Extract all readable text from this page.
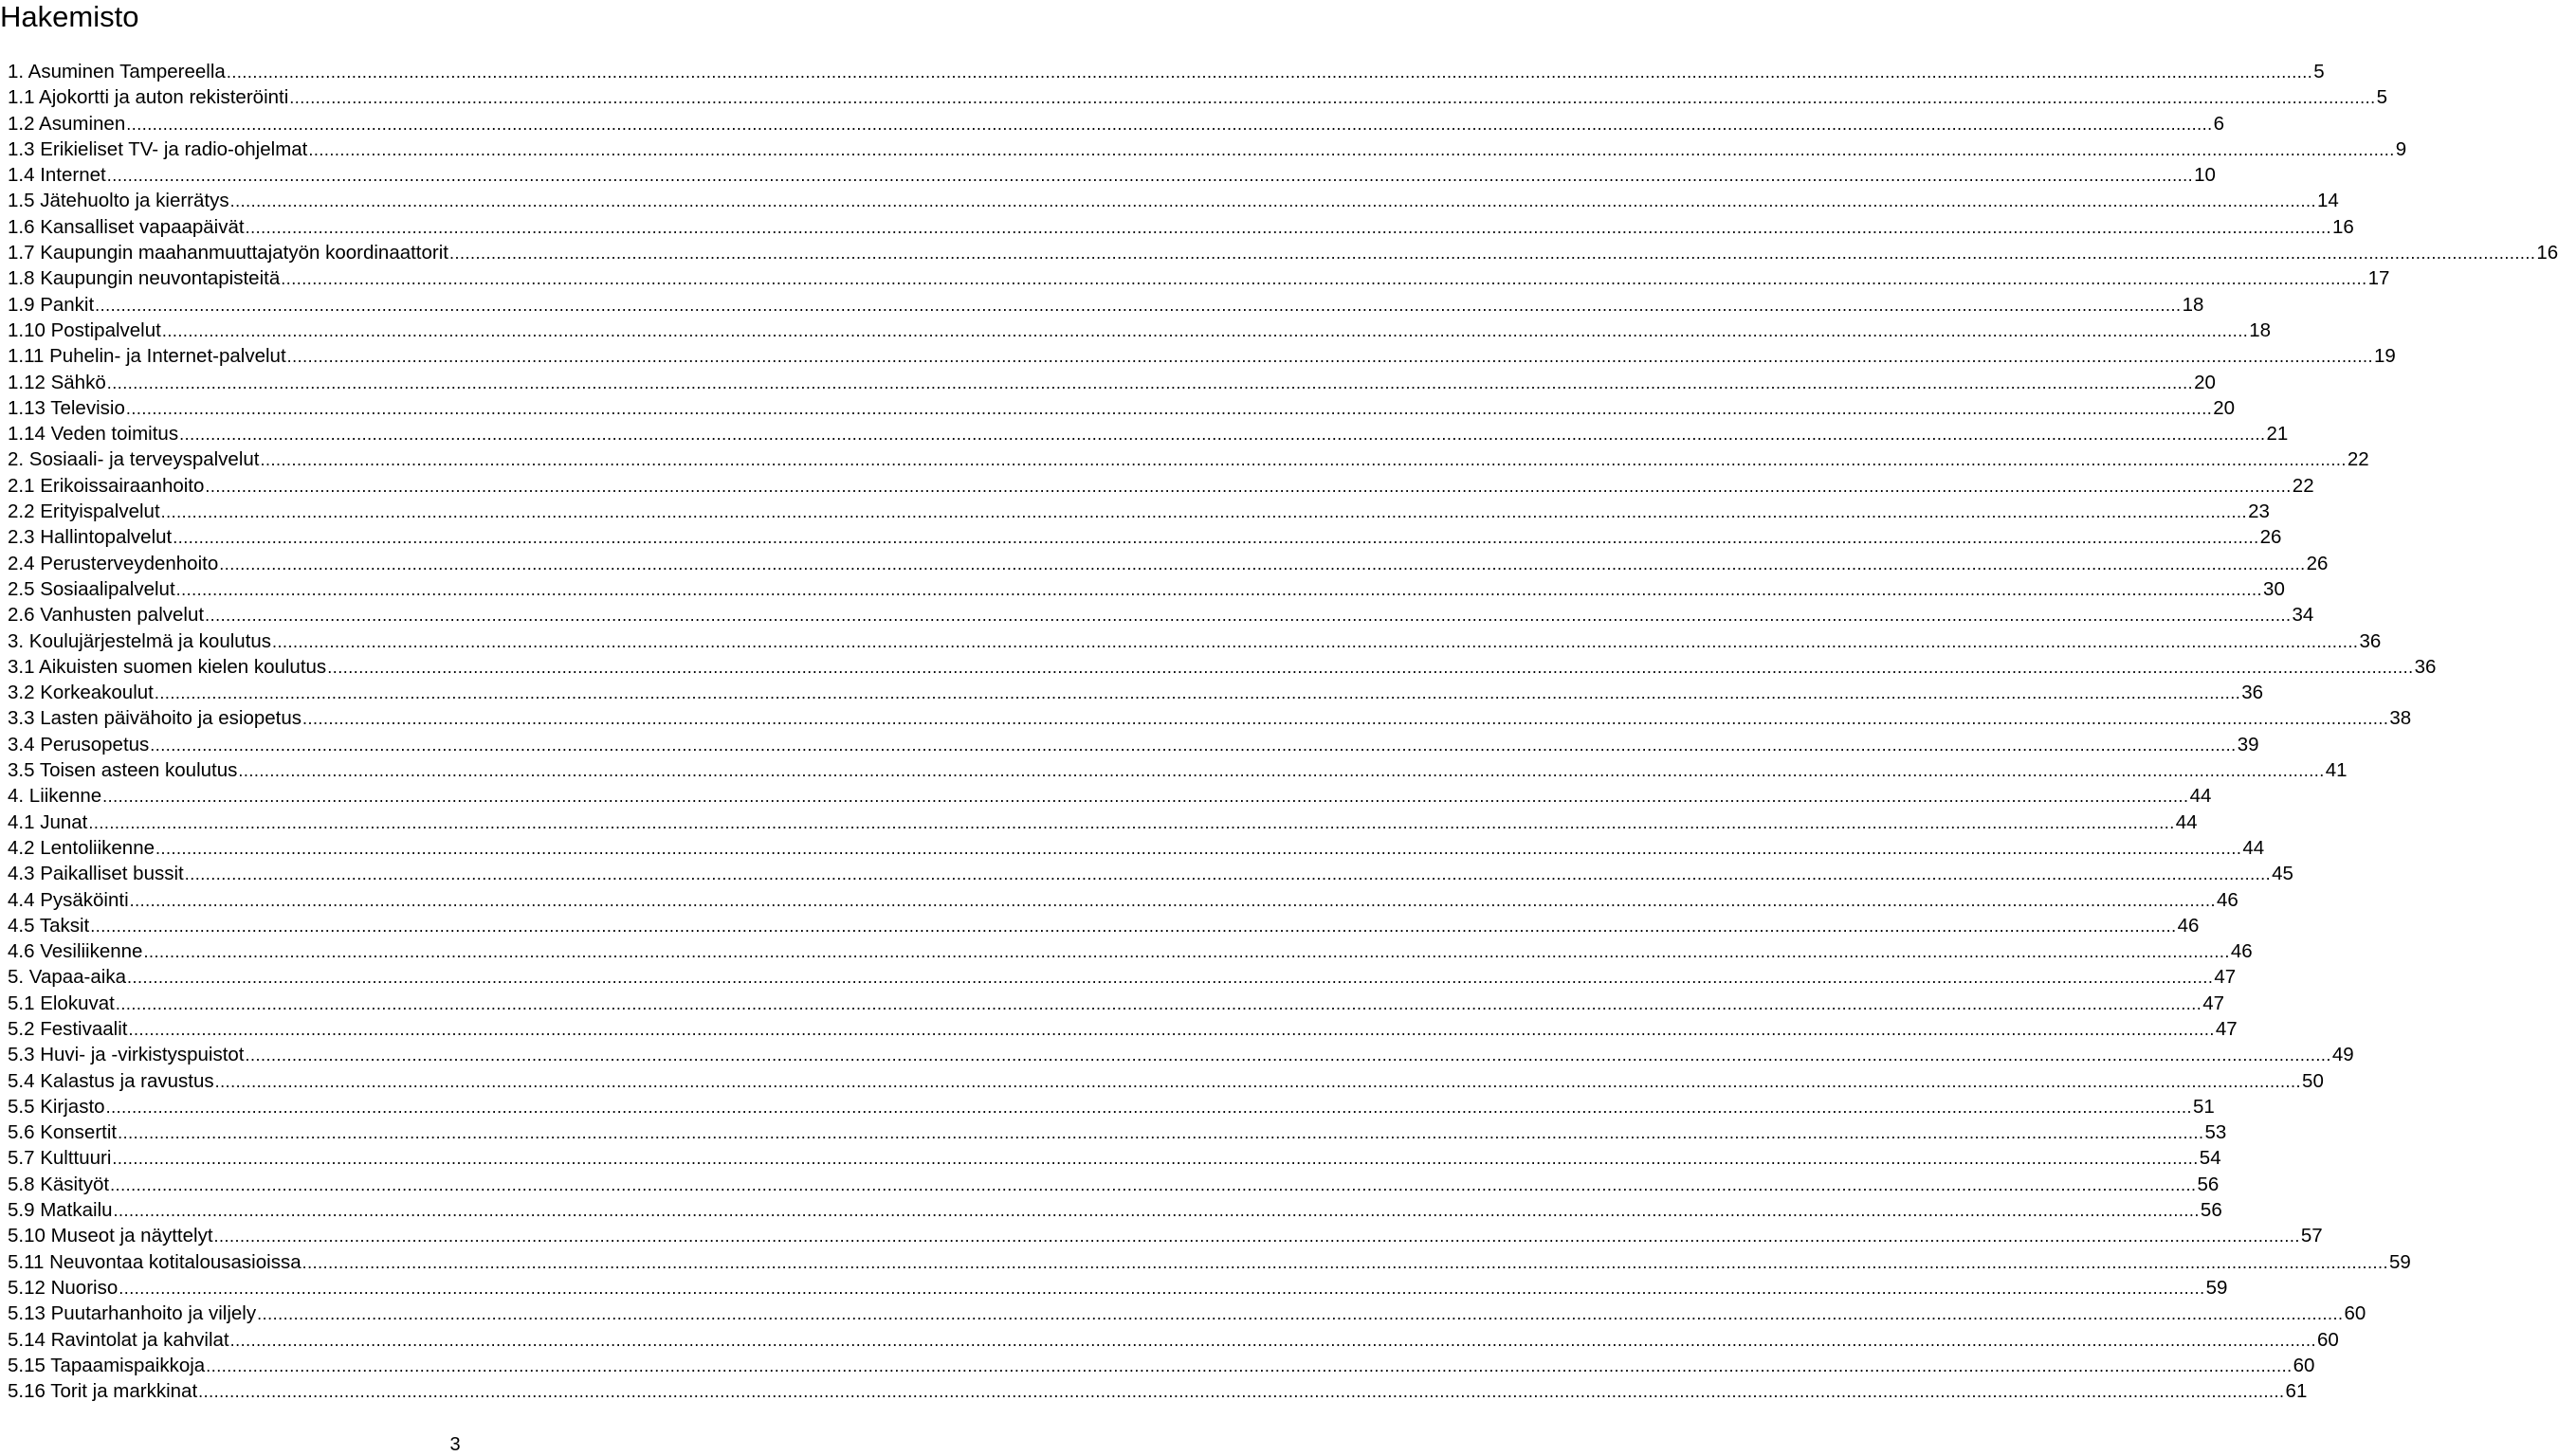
Hakemisto
1. Asuminen Tampereella ................................................................................................................................................................................................................................................................................................................................................................................................................ 5
1.1 Ajokortti ja auton rekisteröinti ................................................................................................................................................................................................................................................................................................................................................................................................................ 5
1.2 Asuminen ................................................................................................................................................................................................................................................................................................................................................................................................................ 6
1.3 Erikieliset TV- ja radio-ohjelmat ................................................................................................................................................................................................................................................................................................................................................................................................................ 9
1.4 Internet ................................................................................................................................................................................................................................................................................................................................................................................................................ 10
1.5 Jätehuolto ja kierrätys ................................................................................................................................................................................................................................................................................................................................................................................................................ 14
1.6 Kansalliset vapaapäivät ................................................................................................................................................................................................................................................................................................................................................................................................................ 16
1.7 Kaupungin maahanmuuttajatyön koordinaattorit ................................................................................................................................................................................................................................................................................................................................................................................................................ 16
1.8 Kaupungin neuvontapisteitä ................................................................................................................................................................................................................................................................................................................................................................................................................ 17
1.9 Pankit ................................................................................................................................................................................................................................................................................................................................................................................................................ 18
1.10 Postipalvelut ................................................................................................................................................................................................................................................................................................................................................................................................................ 18
1.11 Puhelin- ja Internet-palvelut ................................................................................................................................................................................................................................................................................................................................................................................................................ 19
1.12 Sähkö ................................................................................................................................................................................................................................................................................................................................................................................................................ 20
1.13 Televisio ................................................................................................................................................................................................................................................................................................................................................................................................................ 20
1.14 Veden toimitus ................................................................................................................................................................................................................................................................................................................................................................................................................ 21
2. Sosiaali- ja terveyspalvelut ................................................................................................................................................................................................................................................................................................................................................................................................................ 22
2.1 Erikoissairaanhoito ................................................................................................................................................................................................................................................................................................................................................................................................................ 22
2.2 Erityispalvelut ................................................................................................................................................................................................................................................................................................................................................................................................................ 23
2.3 Hallintopalvelut ................................................................................................................................................................................................................................................................................................................................................................................................................ 26
2.4 Perusterveydenhoito ................................................................................................................................................................................................................................................................................................................................................................................................................ 26
2.5 Sosiaalipalvelut ................................................................................................................................................................................................................................................................................................................................................................................................................ 30
2.6 Vanhusten palvelut ................................................................................................................................................................................................................................................................................................................................................................................................................ 34
3. Koulujärjestelmä ja koulutus ................................................................................................................................................................................................................................................................................................................................................................................................................ 36
3.1 Aikuisten suomen kielen koulutus ................................................................................................................................................................................................................................................................................................................................................................................................................ 36
3.2 Korkeakoulut ................................................................................................................................................................................................................................................................................................................................................................................................................ 36
3.3 Lasten päivähoito ja esiopetus ................................................................................................................................................................................................................................................................................................................................................................................................................ 38
3.4 Perusopetus ................................................................................................................................................................................................................................................................................................................................................................................................................ 39
3.5 Toisen asteen koulutus ................................................................................................................................................................................................................................................................................................................................................................................................................ 41
4. Liikenne ................................................................................................................................................................................................................................................................................................................................................................................................................ 44
4.1 Junat ................................................................................................................................................................................................................................................................................................................................................................................................................ 44
4.2 Lentoliikenne ................................................................................................................................................................................................................................................................................................................................................................................................................ 44
4.3 Paikalliset bussit ................................................................................................................................................................................................................................................................................................................................................................................................................ 45
4.4 Pysäköinti ................................................................................................................................................................................................................................................................................................................................................................................................................ 46
4.5 Taksit ................................................................................................................................................................................................................................................................................................................................................................................................................ 46
4.6 Vesiliikenne ................................................................................................................................................................................................................................................................................................................................................................................................................ 46
5. Vapaa-aika ................................................................................................................................................................................................................................................................................................................................................................................................................ 47
5.1 Elokuvat ................................................................................................................................................................................................................................................................................................................................................................................................................ 47
5.2 Festivaalit ................................................................................................................................................................................................................................................................................................................................................................................................................ 47
5.3 Huvi- ja -virkistyspuistot ................................................................................................................................................................................................................................................................................................................................................................................................................ 49
5.4 Kalastus ja ravustus ................................................................................................................................................................................................................................................................................................................................................................................................................ 50
5.5 Kirjasto ................................................................................................................................................................................................................................................................................................................................................................................................................ 51
5.6 Konsertit ................................................................................................................................................................................................................................................................................................................................................................................................................ 53
5.7 Kulttuuri ................................................................................................................................................................................................................................................................................................................................................................................................................ 54
5.8 Käsityöt ................................................................................................................................................................................................................................................................................................................................................................................................................ 56
5.9 Matkailu ................................................................................................................................................................................................................................................................................................................................................................................................................ 56
5.10 Museot ja näyttelyt ................................................................................................................................................................................................................................................................................................................................................................................................................ 57
5.11 Neuvontaa kotitalousasioissa ................................................................................................................................................................................................................................................................................................................................................................................................................ 59
5.12 Nuoriso ................................................................................................................................................................................................................................................................................................................................................................................................................ 59
5.13 Puutarhanhoito ja viljely ................................................................................................................................................................................................................................................................................................................................................................................................................ 60
5.14 Ravintolat ja kahvilat ................................................................................................................................................................................................................................................................................................................................................................................................................ 60
5.15 Tapaamispaikkoja ................................................................................................................................................................................................................................................................................................................................................................................................................ 60
5.16 Torit ja markkinat ................................................................................................................................................................................................................................................................................................................................................................................................................ 61

3
